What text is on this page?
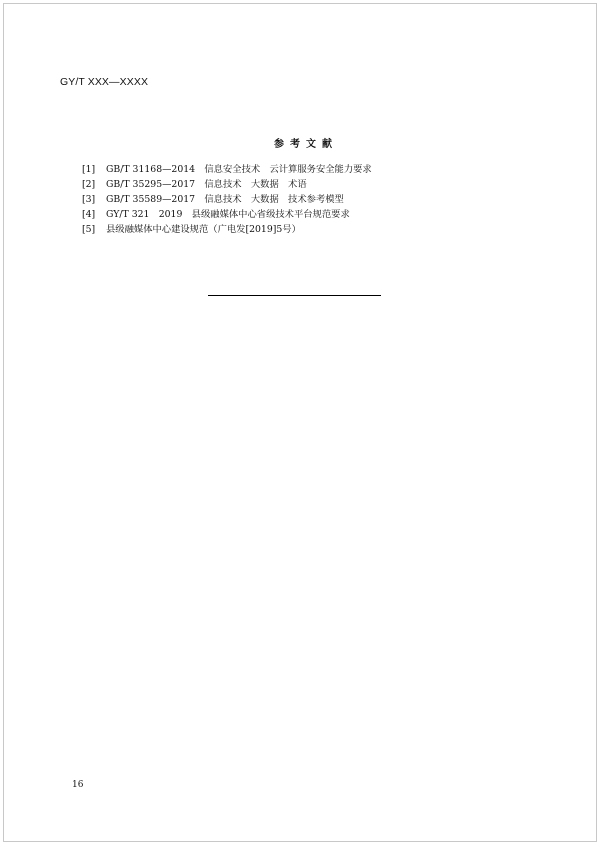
GY/T XXX—XXXX
参考文献
[1] GB/T 31168—2014　信息安全技术　云计算服务安全能力要求
[2] GB/T 35295—2017　信息技术　大数据　术语
[3] GB/T 35589—2017　信息技术　大数据　技术参考模型
[4] GY/T 321　2019　县级融媒体中心省级技术平台规范要求
[5] 县级融媒体中心建设规范（广电发[2019]5号）
16
